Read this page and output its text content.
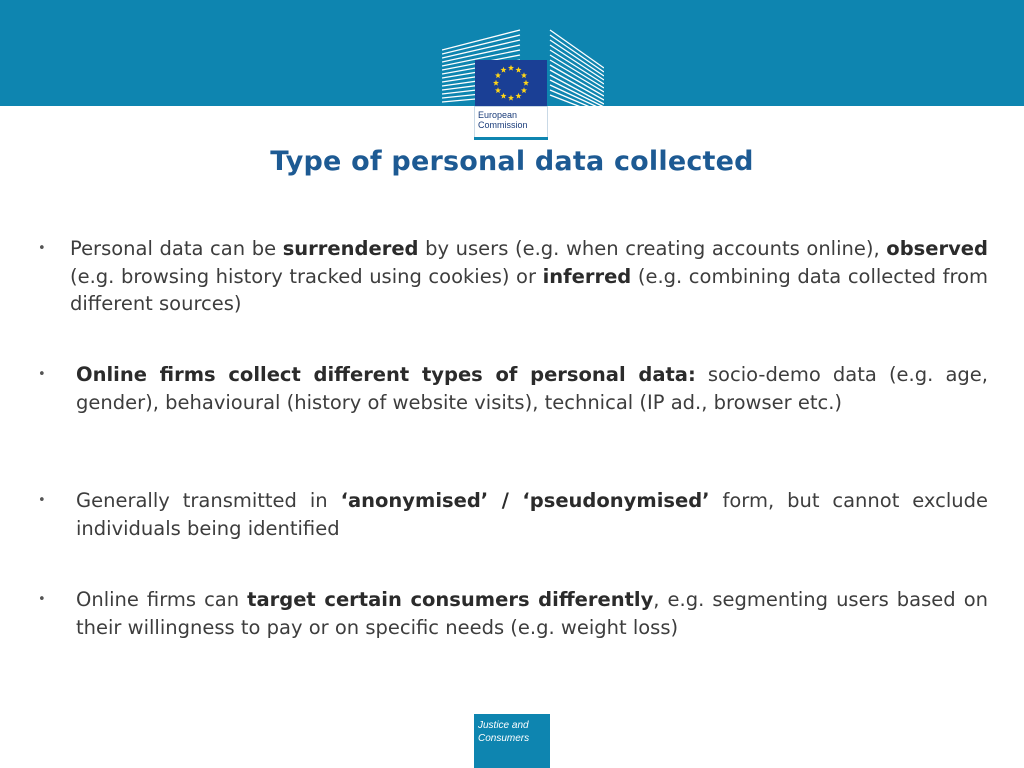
European
Commission
Type of personal data collected
• Personal data can be surrendered by users (e.g. when creating accounts online), observed (e.g. browsing history tracked using cookies) or inferred (e.g. combining data collected from different sources)
• Online firms collect different types of personal data: socio-demo data (e.g. age, gender), behavioural (history of website visits), technical (IP ad., browser etc.)
• Generally transmitted in ‘anonymised’ / ‘pseudonymised’ form, but cannot exclude individuals being identified
• Online firms can target certain consumers differently, e.g. segmenting users based on their willingness to pay or on specific needs (e.g. weight loss)
Justice and Consumers
